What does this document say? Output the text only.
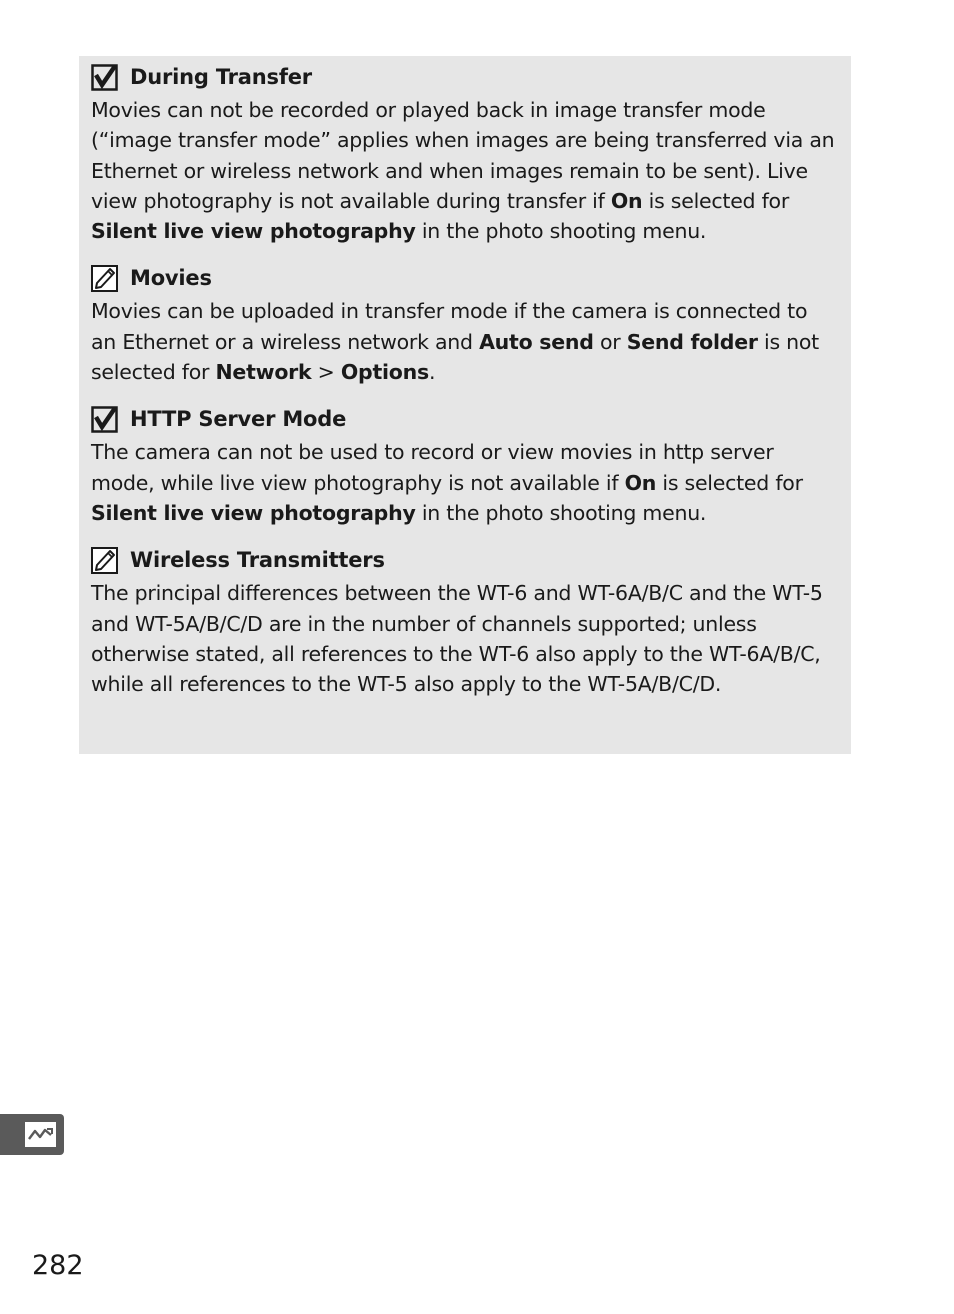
During Transfer

Movies can not be recorded or played back in image transfer mode (“image transfer mode” applies when images are being transferred via an Ethernet or wireless network and when images remain to be sent). Live view photography is not available during transfer if On is selected for Silent live view photography in the photo shooting menu.

Movies

Movies can be uploaded in transfer mode if the camera is connected to an Ethernet or a wireless network and Auto send or Send folder is not selected for Network > Options.

HTTP Server Mode

The camera can not be used to record or view movies in http server mode, while live view photography is not available if On is selected for Silent live view photography in the photo shooting menu.

Wireless Transmitters

The principal differences between the WT-6 and WT-6A/B/C and the WT-5 and WT-5A/B/C/D are in the number of channels supported; unless otherwise stated, all references to the WT-6 also apply to the WT-6A/B/C, while all references to the WT-5 also apply to the WT-5A/B/C/D.

282
